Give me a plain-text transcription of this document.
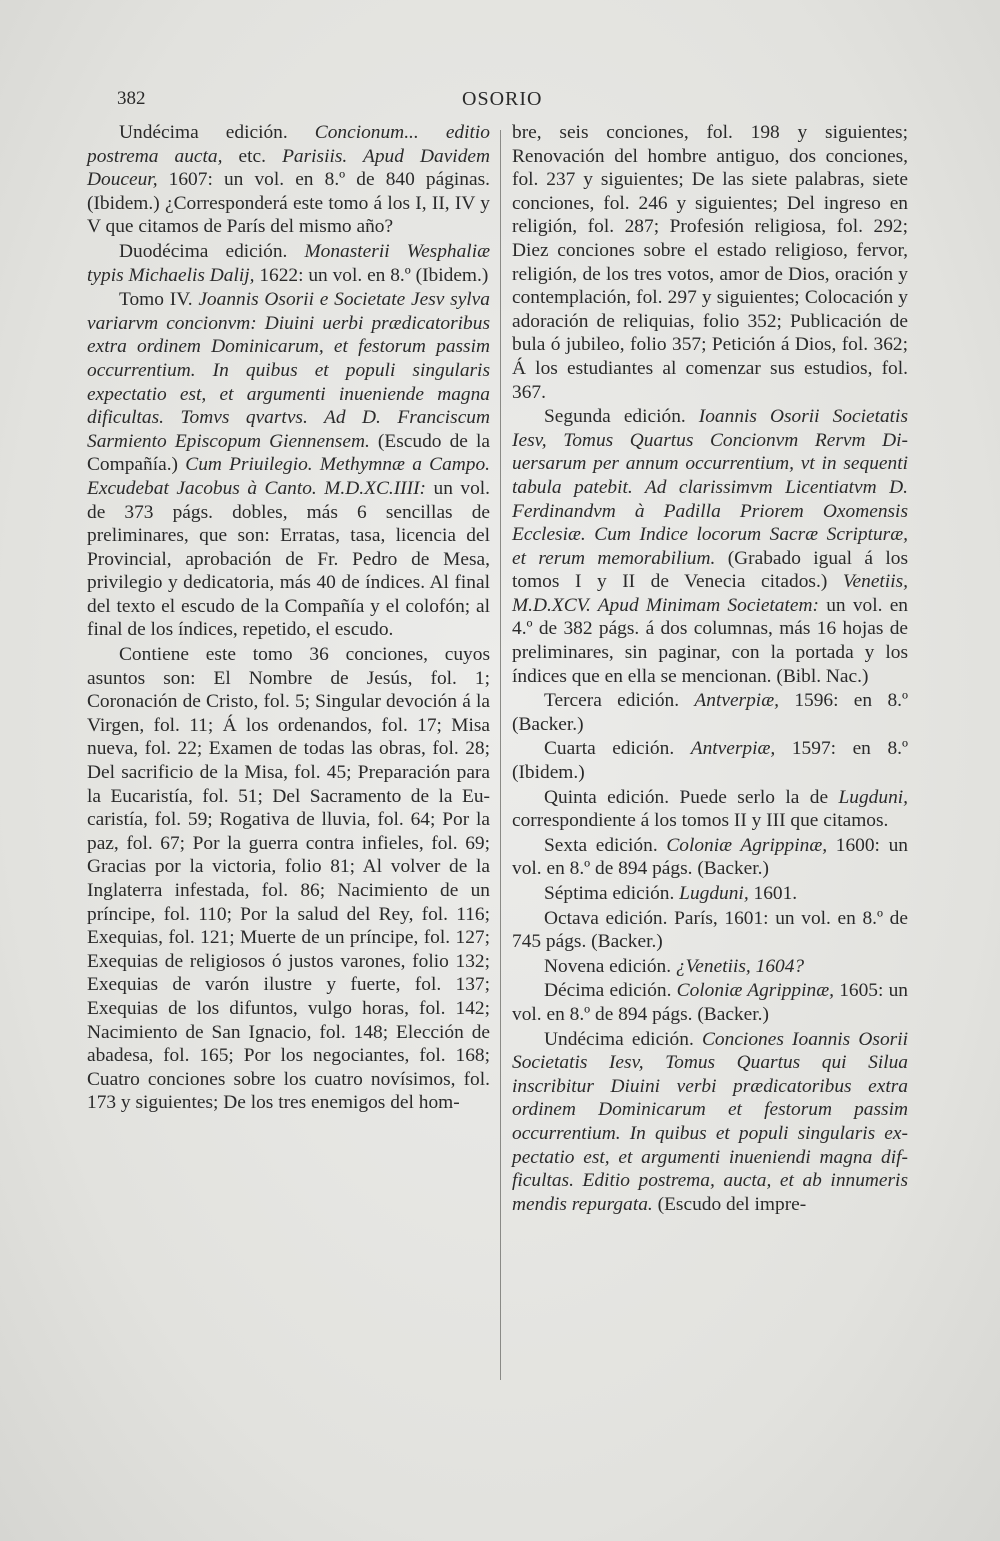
382	OSORIO

Undécima edición. Concionum... editio postrema aucta, etc. Parisiis. Apud Davidem Douceur, 1607: un vol. en 8.º de 840 páginas. (Ibidem.) ¿Corresponderá este tomo á los I, II, IV y V que citamos de París del mismo año?

Duodécima edición. Monasterii Wesphaliæ typis Michaelis Dalij, 1622: un vol. en 8.º (Ibidem.)

Tomo IV. Joannis Osorii e Societate Jesv sylva variarvm concionvm: Diuini uerbi prædicatoribus extra ordinem Dominicarum, et festorum passim occurrentium. In quibus et populi singularis expectatio est, et argumenti inueniende magna dificultas. Tomvs qvartvs. Ad D. Franciscum Sarmiento Episcopum Giennensem. (Escudo de la Compañía.) Cum Priuilegio. Methymnæ a Campo. Excudebat Jacobus à Canto. M.D.XC.IIII: un vol. de 373 págs. dobles, más 6 sencillas de preliminares, que son: Erratas, tasa, licencia del Provincial, aprobación de Fr. Pedro de Mesa, privilegio y dedicatoria, más 40 de índices. Al final del texto el escudo de la Compañía y el colofón; al final de los índices, repetido, el escudo.

Contiene este tomo 36 conciones, cuyos asuntos son: El Nombre de Jesús, fol. 1; Coronación de Cristo, fol. 5; Singular devoción á la Virgen, fol. 11; Á los ordenandos, fol. 17; Misa nueva, fol. 22; Examen de todas las obras, fol. 28; Del sacrificio de la Misa, fol. 45; Preparación para la Eucaristía, fol. 51; Del Sacramento de la Eucaristía, fol. 59; Rogativa de lluvia, fol. 64; Por la paz, fol. 67; Por la guerra contra infieles, fol. 69; Gracias por la victoria, folio 81; Al volver de la Inglaterra infestada, fol. 86; Nacimiento de un príncipe, fol. 110; Por la salud del Rey, fol. 116; Exequias, fol. 121; Muerte de un príncipe, fol. 127; Exequias de religiosos ó justos varones, folio 132; Exequias de varón ilustre y fuerte, fol. 137; Exequias de los difuntos, vulgo horas, fol. 142; Nacimiento de San Ignacio, fol. 148; Elección de abadesa, fol. 165; Por los negociantes, fol. 168; Cuatro conciones sobre los cuatro novísimos, fol. 173 y siguientes; De los tres enemigos del hom-

bre, seis conciones, fol. 198 y siguientes; Renovación del hombre antiguo, dos conciones, fol. 237 y siguientes; De las siete palabras, siete conciones, fol. 246 y siguientes; Del ingreso en religión, fol. 287; Profesión religiosa, fol. 292; Diez conciones sobre el estado religioso, fervor, religión, de los tres votos, amor de Dios, oración y contemplación, fol. 297 y siguientes; Colocación y adoración de reliquias, folio 352; Publicación de bula ó jubileo, folio 357; Petición á Dios, fol. 362; Á los estudiantes al comenzar sus estudios, fol. 367.

Segunda edición. Ioannis Osorii Societatis Iesv, Tomus Quartus Concionvm Rervm Diuersarum per annum occurrentium, vt in sequenti tabula patebit. Ad clarissimvm Licentiatvm D. Ferdinandvm à Padilla Priorem Oxomensis Ecclesiæ. Cum Indice locorum Sacræ Scripturæ, et rerum memorabilium. (Grabado igual á los tomos I y II de Venecia citados.) Venetiis, M.D.XCV. Apud Minimam Societatem: un vol. en 4.º de 382 págs. á dos columnas, más 16 hojas de preliminares, sin paginar, con la portada y los índices que en ella se mencionan. (Bibl. Nac.)

Tercera edición. Antverpiæ, 1596: en 8.º (Backer.)

Cuarta edición. Antverpiæ, 1597: en 8.º (Ibidem.)

Quinta edición. Puede serlo la de Lugduni, correspondiente á los tomos II y III que citamos.

Sexta edición. Coloniæ Agrippinæ, 1600: un vol. en 8.º de 894 págs. (Backer.)

Séptima edición. Lugduni, 1601.

Octava edición. París, 1601: un vol. en 8.º de 745 págs. (Backer.)

Novena edición. ¿Venetiis, 1604?

Décima edición. Coloniæ Agrippinæ, 1605: un vol. en 8.º de 894 págs. (Backer.)

Undécima edición. Conciones Ioannis Osorii Societatis Iesv, Tomus Quartus qui Silua inscribitur Diuini verbi prædicatoribus extra ordinem Dominicarum et festorum passim occurrentium. In quibus et populi singularis expectatio est, et argumenti inueniendi magna difficultas. Editio postrema, aucta, et ab innumeris mendis repurgata. (Escudo del impre-
